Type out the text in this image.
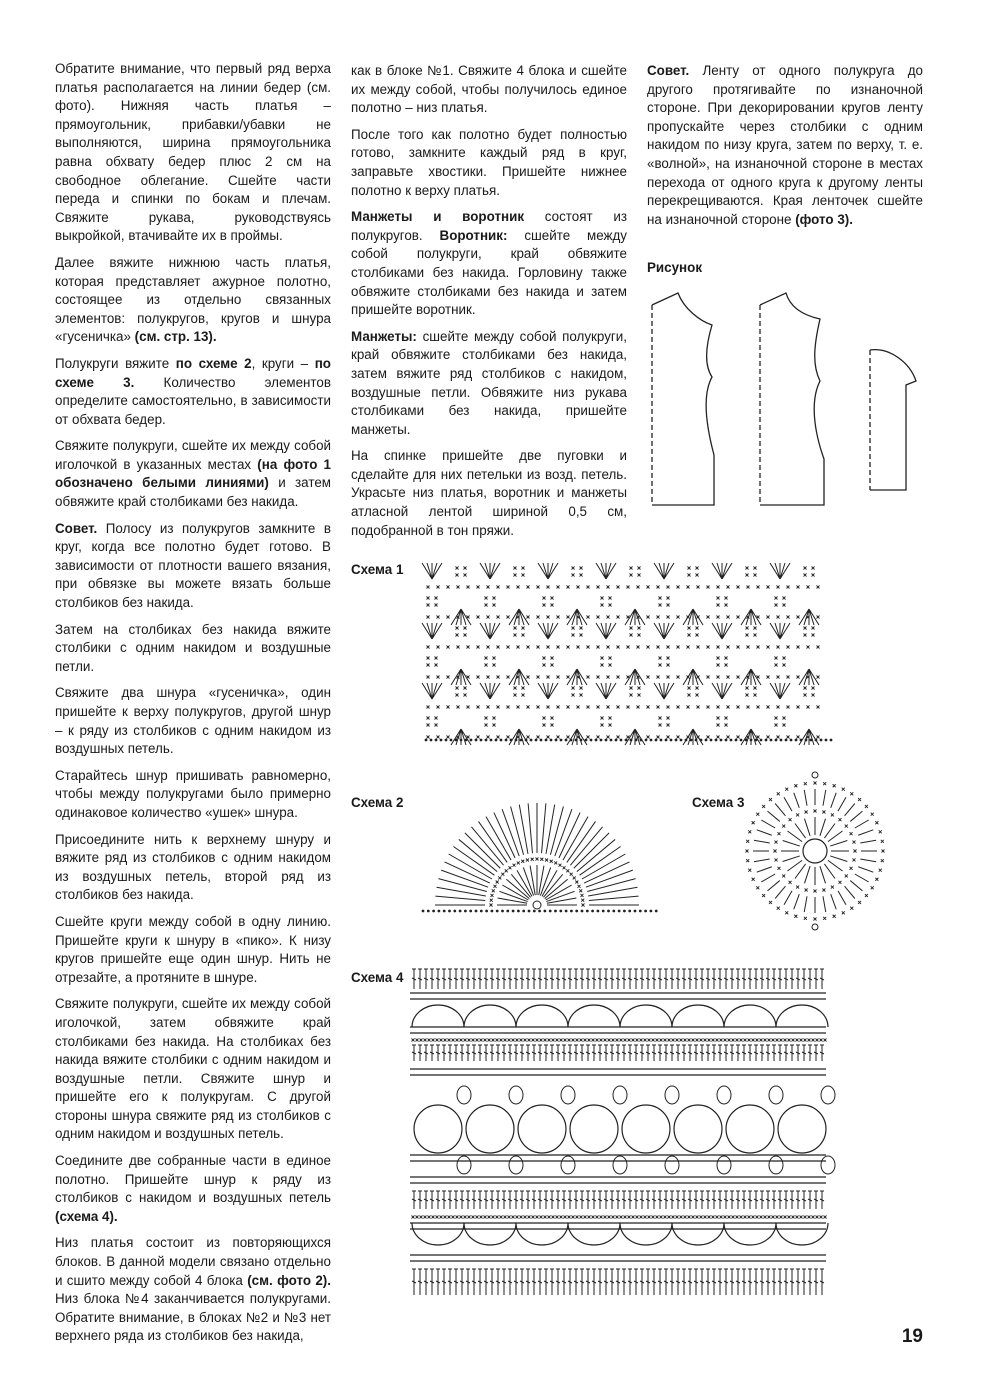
Обратите внимание, что первый ряд верха платья располагается на линии бедер (см. фото). Нижняя часть платья – прямоугольник, прибавки/убавки не выполняются, ширина прямоугольника равна обхвату бедер плюс 2 см на свободное облегание. Сшейте части переда и спинки по бокам и плечам. Свяжите рукава, руководствуясь выкройкой, втачивайте их в проймы.

Далее вяжите нижнюю часть платья, которая представляет ажурное полотно, состоящее из отдельно связанных элементов: полукругов, кругов и шнура «гусеничка» (см. стр. 13).

Полукруги вяжите по схеме 2, круги – по схеме 3. Количество элементов определите самостоятельно, в зависимости от обхвата бедер.

Свяжите полукруги, сшейте их между собой иголочкой в указанных местах (на фото 1 обозначено белыми линиями) и затем обвяжите край столбиками без накида.

Совет. Полосу из полукругов замкните в круг, когда все полотно будет готово. В зависимости от плотности вашего вязания, при обвязке вы можете вязать больше столбиков без накида.

Затем на столбиках без накида вяжите столбики с одним накидом и воздушные петли.

Свяжите два шнура «гусеничка», один пришейте к верху полукругов, другой шнур – к ряду из столбиков с одним накидом из воздушных петель.

Старайтесь шнур пришивать равномерно, чтобы между полукругами было примерно одинаковое количество «ушек» шнура.

Присоедините нить к верхнему шнуру и вяжите ряд из столбиков с одним накидом из воздушных петель, второй ряд из столбиков без накида.

Сшейте круги между собой в одну линию. Пришейте круги к шнуру в «пико». К низу кругов пришейте еще один шнур. Нить не отрезайте, а протяните в шнуре.

Свяжите полукруги, сшейте их между собой иголочкой, затем обвяжите край столбиками без накида. На столбиках без накида вяжите столбики с одним накидом и воздушные петли. Свяжите шнур и пришейте его к полукругам. С другой стороны шнура свяжите ряд из столбиков с одним накидом и воздушных петель.

Соедините две собранные части в единое полотно. Пришейте шнур к ряду из столбиков с накидом и воздушных петель (схема 4).

Низ платья состоит из повторяющихся блоков. В данной модели связано отдельно и сшито между собой 4 блока (см. фото 2). Низ блока №4 заканчивается полукругами. Обратите внимание, в блоках №2 и №3 нет верхнего ряда из столбиков без накида,

как в блоке №1. Свяжите 4 блока и сшейте их между собой, чтобы получилось единое полотно – низ платья.

После того как полотно будет полностью готово, замкните каждый ряд в круг, заправьте хвостики. Пришейте нижнее полотно к верху платья.

Манжеты и воротник состоят из полукругов. Воротник: сшейте между собой полукруги, край обвяжите столбиками без накида. Горловину также обвяжите столбиками без накида и затем пришейте воротник.

Манжеты: сшейте между собой полукруги, край обвяжите столбиками без накида, затем вяжите ряд столбиков с накидом, воздушные петли. Обвяжите низ рукава столбиками без накида, пришейте манжеты.

На спинке пришейте две пуговки и сделайте для них петельки из возд. петель. Украсьте низ платья, воротник и манжеты атласной лентой шириной 0,5 см, подобранной в тон пряжи.

Совет. Ленту от одного полукруга до другого протягивайте по изнаночной стороне. При декорировании кругов ленту пропускайте через столбики с одним накидом по низу круга, затем по верху, т. е. «волной», на изнаночной стороне в местах перехода от одного круга к другому ленты перекрещиваются. Края ленточек сшейте на изнаночной стороне (фото 3).

Рисунок
Схема 1
Схема 2	Схема 3
Схема 4
19
